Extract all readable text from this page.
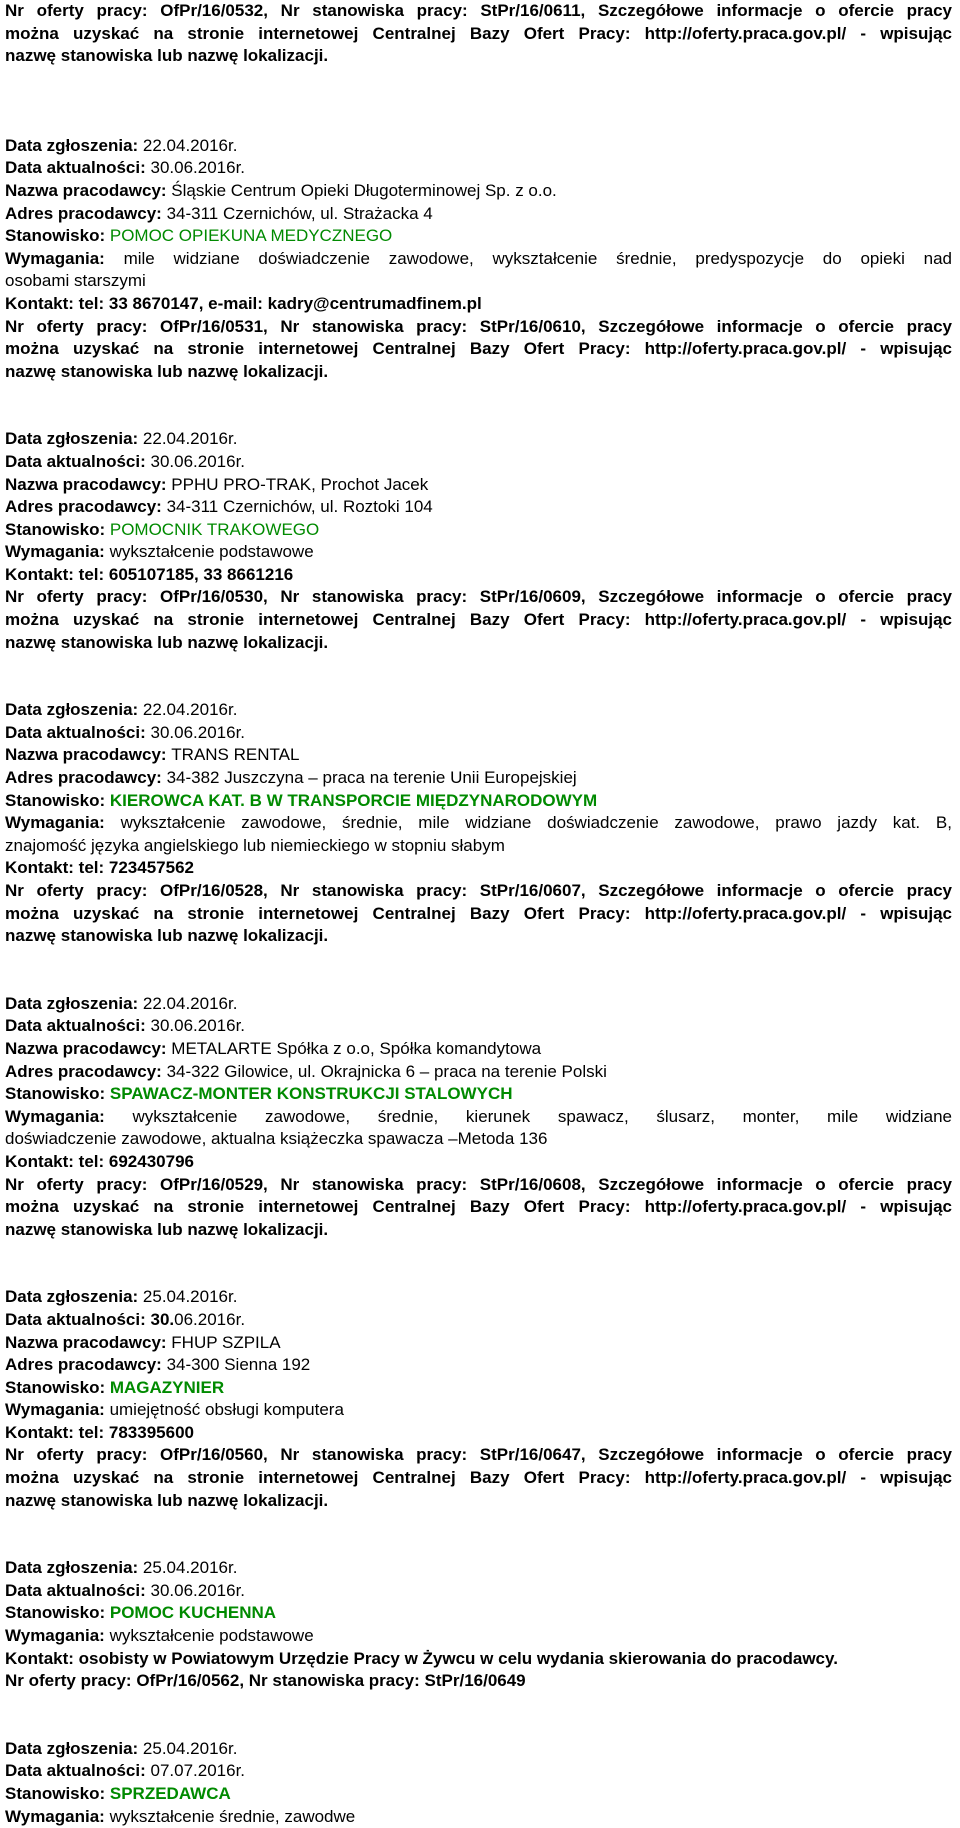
Nr oferty pracy: OfPr/16/0532, Nr stanowiska pracy: StPr/16/0611, Szczegółowe informacje o ofercie pracy
można uzyskać na stronie internetowej Centralnej Bazy Ofert Pracy: http://oferty.praca.gov.pl/ - wpisując
nazwę stanowiska lub nazwę lokalizacji.
Data zgłoszenia: 22.04.2016r.
Data aktualności: 30.06.2016r.
Nazwa pracodawcy: Śląskie Centrum Opieki Długoterminowej Sp. z o.o.
Adres pracodawcy: 34-311 Czernichów, ul. Strażacka 4
Stanowisko: POMOC OPIEKUNA MEDYCZNEGO
Wymagania: mile widziane doświadczenie zawodowe, wykształcenie średnie, predyspozycje do opieki nad
osobami starszymi
Kontakt: tel: 33 8670147, e-mail: kadry@centrumadfinem.pl
Nr oferty pracy: OfPr/16/0531, Nr stanowiska pracy: StPr/16/0610, Szczegółowe informacje o ofercie pracy
można uzyskać na stronie internetowej Centralnej Bazy Ofert Pracy: http://oferty.praca.gov.pl/ - wpisując
nazwę stanowiska lub nazwę lokalizacji.
Data zgłoszenia: 22.04.2016r.
Data aktualności: 30.06.2016r.
Nazwa pracodawcy: PPHU PRO-TRAK, Prochot Jacek
Adres pracodawcy: 34-311 Czernichów, ul. Roztoki 104
Stanowisko: POMOCNIK TRAKOWEGO
Wymagania: wykształcenie podstawowe
Kontakt: tel: 605107185, 33 8661216
Nr oferty pracy: OfPr/16/0530, Nr stanowiska pracy: StPr/16/0609, Szczegółowe informacje o ofercie pracy
można uzyskać na stronie internetowej Centralnej Bazy Ofert Pracy: http://oferty.praca.gov.pl/ - wpisując
nazwę stanowiska lub nazwę lokalizacji.
Data zgłoszenia: 22.04.2016r.
Data aktualności: 30.06.2016r.
Nazwa pracodawcy: TRANS RENTAL
Adres pracodawcy: 34-382 Juszczyna – praca na terenie Unii Europejskiej
Stanowisko: KIEROWCA KAT. B W TRANSPORCIE MIĘDZYNARODOWYM
Wymagania: wykształcenie zawodowe, średnie, mile widziane doświadczenie zawodowe, prawo jazdy kat. B,
znajomość języka angielskiego lub niemieckiego w stopniu słabym
Kontakt: tel: 723457562
Nr oferty pracy: OfPr/16/0528, Nr stanowiska pracy: StPr/16/0607, Szczegółowe informacje o ofercie pracy
można uzyskać na stronie internetowej Centralnej Bazy Ofert Pracy: http://oferty.praca.gov.pl/ - wpisując
nazwę stanowiska lub nazwę lokalizacji.
Data zgłoszenia: 22.04.2016r.
Data aktualności: 30.06.2016r.
Nazwa pracodawcy: METALARTE Spółka z o.o, Spółka komandytowa
Adres pracodawcy: 34-322 Gilowice, ul. Okrajnicka 6 – praca na terenie Polski
Stanowisko: SPAWACZ-MONTER KONSTRUKCJI STALOWYCH
Wymagania: wykształcenie zawodowe, średnie, kierunek spawacz, ślusarz, monter, mile widziane
doświadczenie zawodowe, aktualna książeczka spawacza –Metoda 136
Kontakt: tel: 692430796
Nr oferty pracy: OfPr/16/0529, Nr stanowiska pracy: StPr/16/0608, Szczegółowe informacje o ofercie pracy
można uzyskać na stronie internetowej Centralnej Bazy Ofert Pracy: http://oferty.praca.gov.pl/ - wpisując
nazwę stanowiska lub nazwę lokalizacji.
Data zgłoszenia: 25.04.2016r.
Data aktualności: 30.06.2016r.
Nazwa pracodawcy: FHUP SZPILA
Adres pracodawcy: 34-300 Sienna 192
Stanowisko: MAGAZYNIER
Wymagania: umiejętność obsługi komputera
Kontakt: tel: 783395600
Nr oferty pracy: OfPr/16/0560, Nr stanowiska pracy: StPr/16/0647, Szczegółowe informacje o ofercie pracy
można uzyskać na stronie internetowej Centralnej Bazy Ofert Pracy: http://oferty.praca.gov.pl/ - wpisując
nazwę stanowiska lub nazwę lokalizacji.
Data zgłoszenia: 25.04.2016r.
Data aktualności: 30.06.2016r.
Stanowisko: POMOC KUCHENNA
Wymagania: wykształcenie podstawowe
Kontakt: osobisty w Powiatowym Urzędzie Pracy w Żywcu w celu wydania skierowania do pracodawcy.
Nr oferty pracy: OfPr/16/0562, Nr stanowiska pracy: StPr/16/0649
Data zgłoszenia: 25.04.2016r.
Data aktualności: 07.07.2016r.
Stanowisko: SPRZEDAWCA
Wymagania: wykształcenie średnie, zawodwe
